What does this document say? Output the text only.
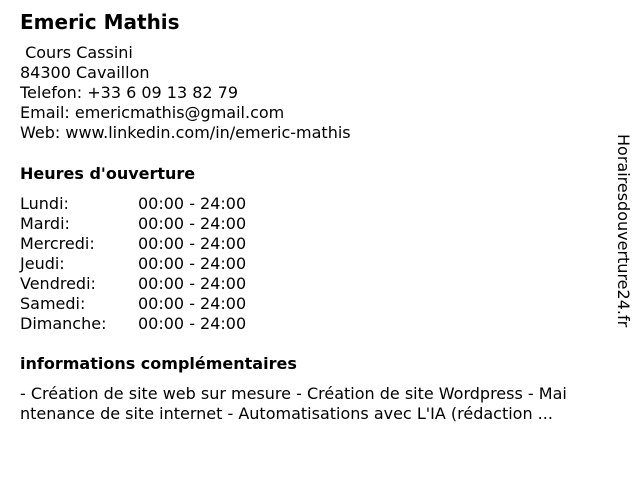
Emeric Mathis
Cours Cassini
84300 Cavaillon
Telefon: +33 6 09 13 82 79
Email: emericmathis@gmail.com
Web: www.linkedin.com/in/emeric-mathis
Heures d'ouverture
Lundi:	00:00 - 24:00
Mardi:	00:00 - 24:00
Mercredi:	00:00 - 24:00
Jeudi:	00:00 - 24:00
Vendredi:	00:00 - 24:00
Samedi:	00:00 - 24:00
Dimanche: 00:00 - 24:00
informations complémentaires
- Création de site web sur mesure - Création de site Wordpress - Mai
ntenance de site internet - Automatisations avec L'IA (rédaction ...
Horairesdouverture24.fr
